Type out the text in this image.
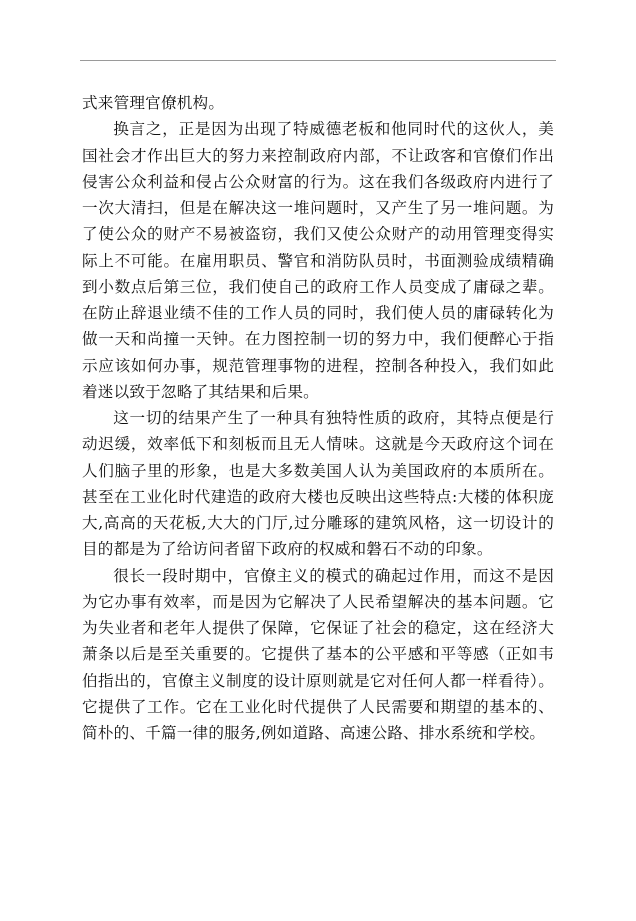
式来管理官僚机构。

换言之，正是因为出现了特威德老板和他同时代的这伙人，美国社会才作出巨大的努力来控制政府内部，不让政客和官僚们作出侵害公众利益和侵占公众财富的行为。这在我们各级政府内进行了一次大清扫，但是在解决这一堆问题时，又产生了另一堆问题。为了使公众的财产不易被盗窃，我们又使公众财产的动用管理变得实际上不可能。在雇用职员、警官和消防队员时，书面测验成绩精确到小数点后第三位，我们使自己的政府工作人员变成了庸碌之辈。在防止辞退业绩不佳的工作人员的同时，我们使人员的庸碌转化为做一天和尚撞一天钟。在力图控制一切的努力中，我们便醉心于指示应该如何办事，规范管理事物的进程，控制各种投入，我们如此着迷以致于忽略了其结果和后果。

这一切的结果产生了一种具有独特性质的政府，其特点便是行动迟缓，效率低下和刻板而且无人情味。这就是今天政府这个词在人们脑子里的形象，也是大多数美国人认为美国政府的本质所在。甚至在工业化时代建造的政府大楼也反映出这些特点:大楼的体积庞大,高高的天花板,大大的门厅,过分雕琢的建筑风格，这一切设计的目的都是为了给访问者留下政府的权威和磐石不动的印象。

很长一段时期中，官僚主义的模式的确起过作用，而这不是因为它办事有效率，而是因为它解决了人民希望解决的基本问题。它为失业者和老年人提供了保障，它保证了社会的稳定，这在经济大萧条以后是至关重要的。它提供了基本的公平感和平等感（正如韦伯指出的，官僚主义制度的设计原则就是它对任何人都一样看待）。它提供了工作。它在工业化时代提供了人民需要和期望的基本的、简朴的、千篇一律的服务,例如道路、高速公路、排水系统和学校。
